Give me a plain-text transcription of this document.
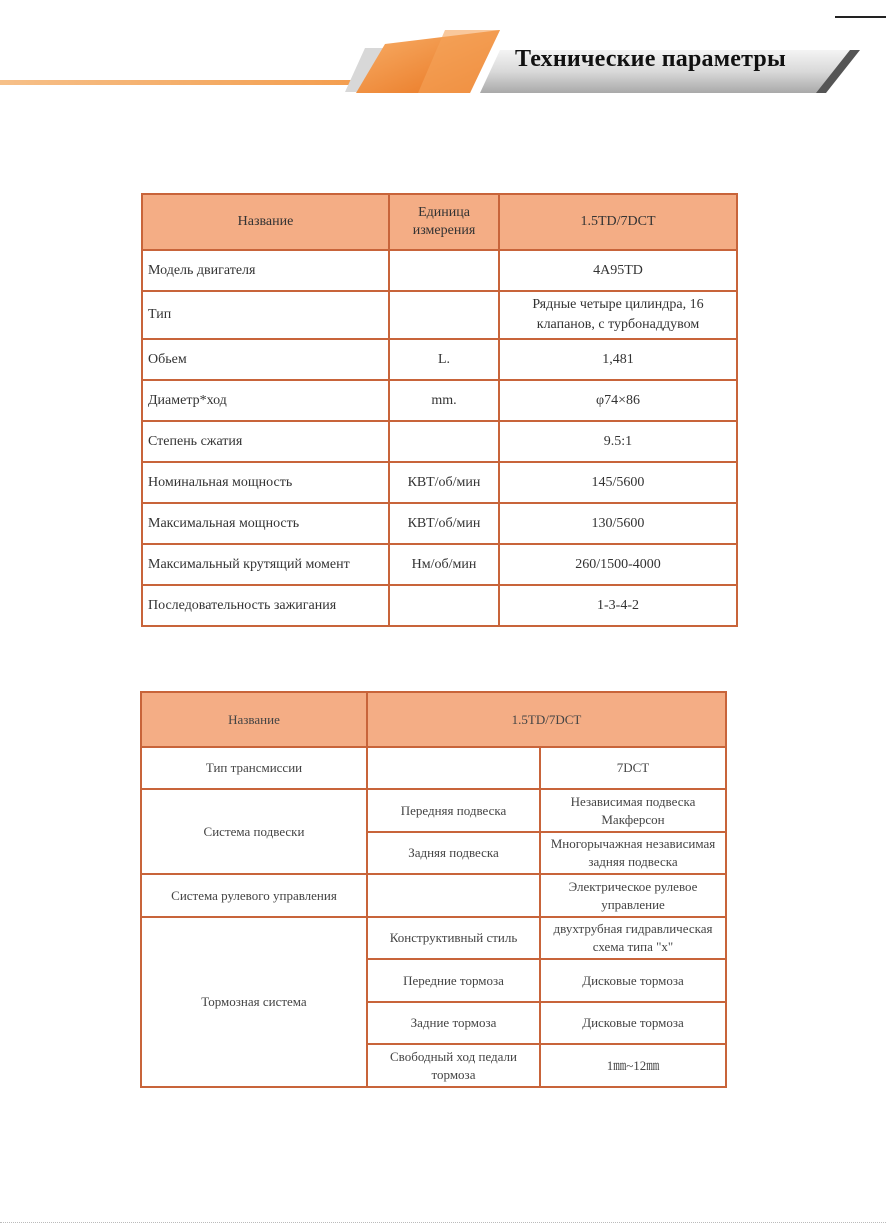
Технические параметры
Название	Единица измерения	1.5TD/7DCT
Модель двигателя		4A95TD
Тип		Рядные четыре цилиндра, 16 клапанов, с турбонаддувом
Обьем	L.	1,481
Диаметр*ход	mm.	φ74×86
Степень сжатия		9.5:1
Номинальная мощность	КВТ/об/мин	145/5600
Максимальная мощность	КВТ/об/мин	130/5600
Максимальный крутящий момент	Нм/об/мин	260/1500-4000
Последовательность зажигания		1-3-4-2
Название	1.5TD/7DCT	
Тип трансмиссии		7DCT
Система подвески	Передняя подвеска	Независимая подвеска Макферсон
	Задняя подвеска	Многорычажная независимая задняя подвеска
Система рулевого управления		Электрическое рулевое управление
Тормозная система	Конструктивный стиль	двухтрубная гидравлическая схема типа "x"
	Передние тормоза	Дисковые тормоза
	Задние тормоза	Дисковые тормоза
	Свободный ход педали тормоза	1㎜~12㎜
